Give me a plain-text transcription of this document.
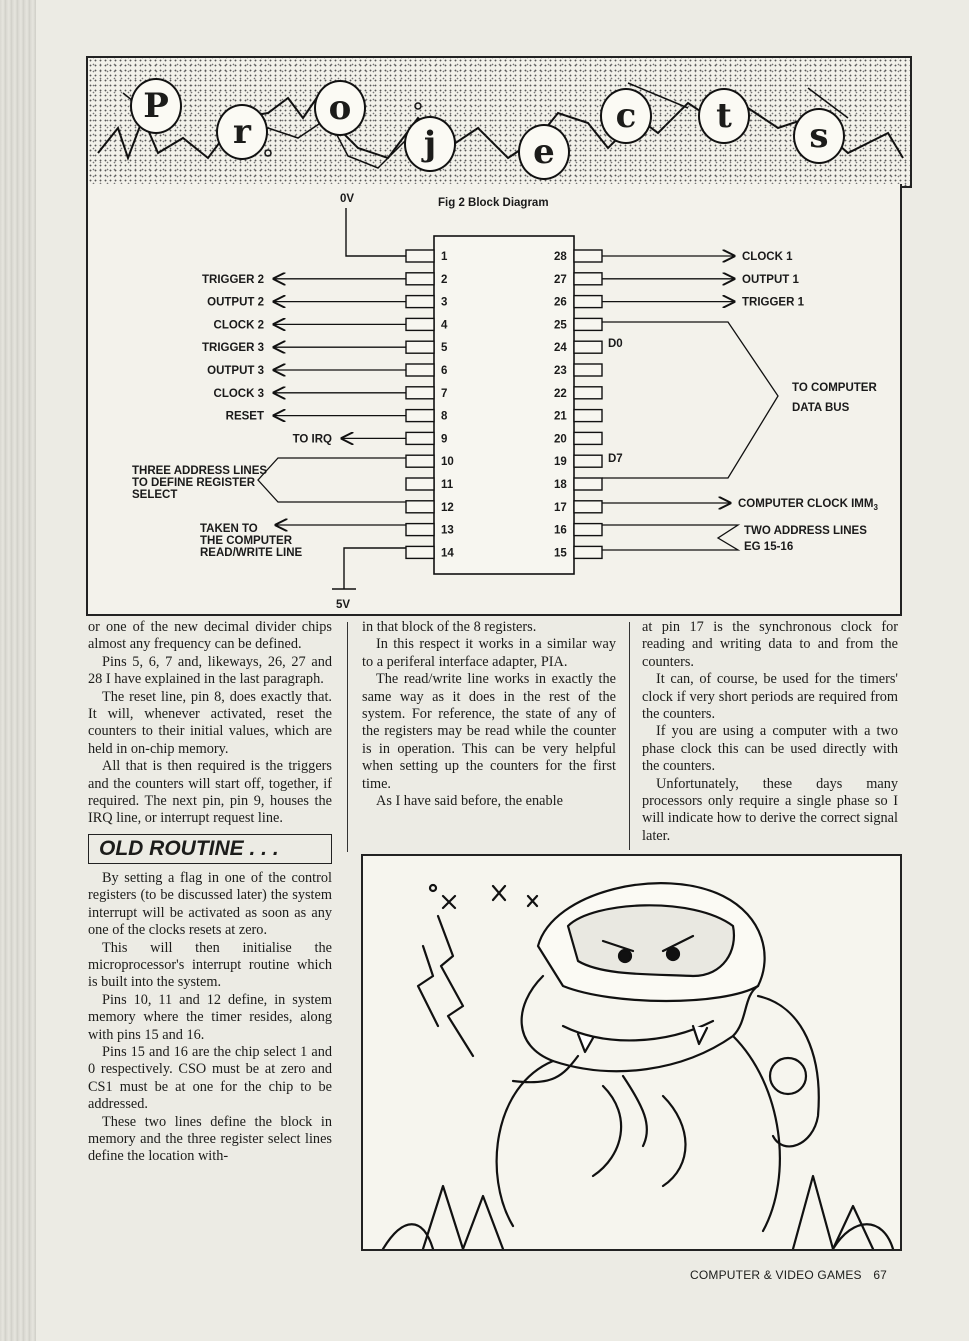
P
r
o
j	e
c	t	s
Fig 2 Block Diagram
0V
5V
1	28
2	27
3	26
4	25
5	24
6	23
7	22
8	21
9	20
10	19
11	18
12	17
13	16
14	15
TRIGGER 2
OUTPUT 2
CLOCK 2
TRIGGER 3
OUTPUT 3
CLOCK 3
RESET
TO IRQ
CLOCK 1
OUTPUT 1
TRIGGER 1
THREE ADDRESS LINES
TO DEFINE REGISTER
SELECT
TAKEN TO
THE COMPUTER
READ/WRITE LINE
TO COMPUTER
DATA BUS
D0
D7
COMPUTER CLOCK $IMM_3$
TWO ADDRESS LINES
EG 15-16

or one of the new decimal divider chips almost any frequency can be defined.

Pins 5, 6, 7 and, likeways, 26, 27 and 28 I have explained in the last paragraph.

The reset line, pin 8, does exactly that. It will, whenever activated, reset the counters to their initial values, which are held in on-chip memory.

All that is then required is the triggers and the counters will start off, together, if required. The next pin, pin 9, houses the IRQ line, or interrupt request line.

OLD ROUTINE . . .

By setting a flag in one of the control registers (to be discussed later) the system interrupt will be activated as soon as any one of the clocks resets at zero.

This will then initialise the microprocessor's interrupt routine which is built into the system.

Pins 10, 11 and 12 define, in system memory where the timer resides, along with pins 15 and 16.

Pins 15 and 16 are the chip select 1 and 0 respectively. CSO must be at zero and CS1 must be at one for the chip to be addressed.

These two lines define the block in memory and the three register select lines define the location with-

in that block of the 8 registers.

In this respect it works in a similar way to a periferal interface adapter, PIA.

The read/write line works in exactly the same way as it does in the rest of the system. For reference, the state of any of the registers may be read while the counter is in operation. This can be very helpful when setting up the counters for the first time.

As I have said before, the enable

at pin 17 is the synchronous clock for reading and writing data to and from the counters.

It can, of course, be used for the timers' clock if very short periods are required from the counters.

If you are using a computer with a two phase clock this can be used directly with the counters.

Unfortunately, these days many processors only require a single phase so I will indicate how to derive the correct signal later.

COMPUTER & VIDEO GAMES 67
